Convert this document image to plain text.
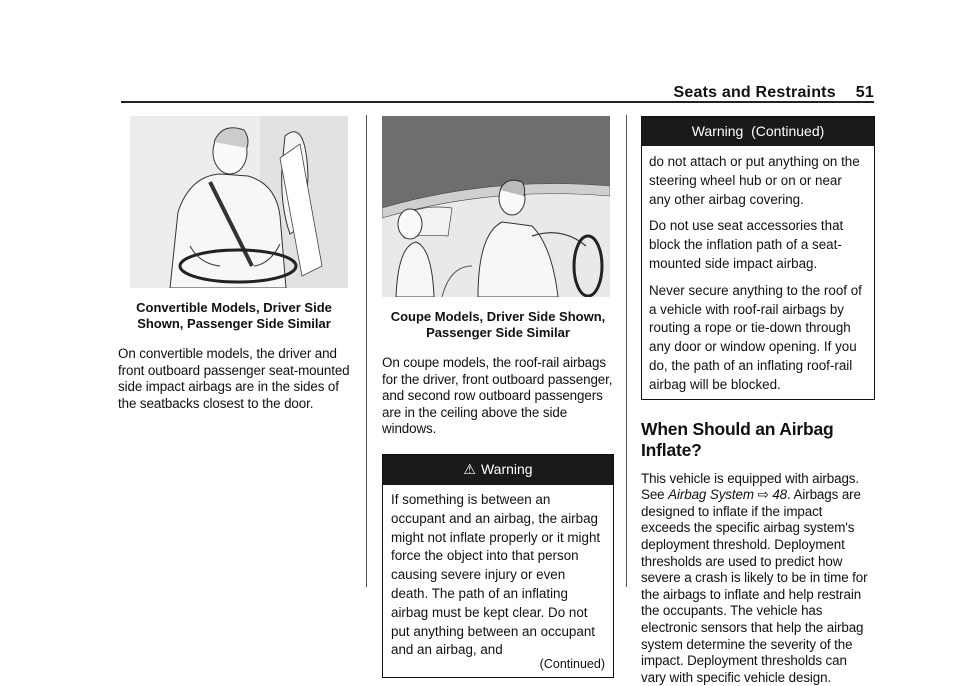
Seats and Restraints 51
Convertible Models, Driver Side Shown, Passenger Side Similar
On convertible models, the driver and front outboard passenger seat-mounted side impact airbags are in the sides of the seatbacks closest to the door.
Coupe Models, Driver Side Shown, Passenger Side Similar
On coupe models, the roof-rail airbags for the driver, front outboard passenger, and second row outboard passengers are in the ceiling above the side windows.
⚠ Warning
If something is between an occupant and an airbag, the airbag might not inflate properly or it might force the object into that person causing severe injury or even death. The path of an inflating airbag must be kept clear. Do not put anything between an occupant and an airbag, and
(Continued)
Warning  (Continued)

do not attach or put anything on the steering wheel hub or on or near any other airbag covering.

Do not use seat accessories that block the inflation path of a seat-mounted side impact airbag.

Never secure anything to the roof of a vehicle with roof-rail airbags by routing a rope or tie-down through any door or window opening. If you do, the path of an inflating roof-rail airbag will be blocked.

When Should an Airbag Inflate?
This vehicle is equipped with airbags. See Airbag System ⇨ 48. Airbags are designed to inflate if the impact exceeds the specific airbag system's deployment threshold. Deployment thresholds are used to predict how severe a crash is likely to be in time for the airbags to inflate and help restrain the occupants. The vehicle has electronic sensors that help the airbag system determine the severity of the impact. Deployment thresholds can vary with specific vehicle design.
